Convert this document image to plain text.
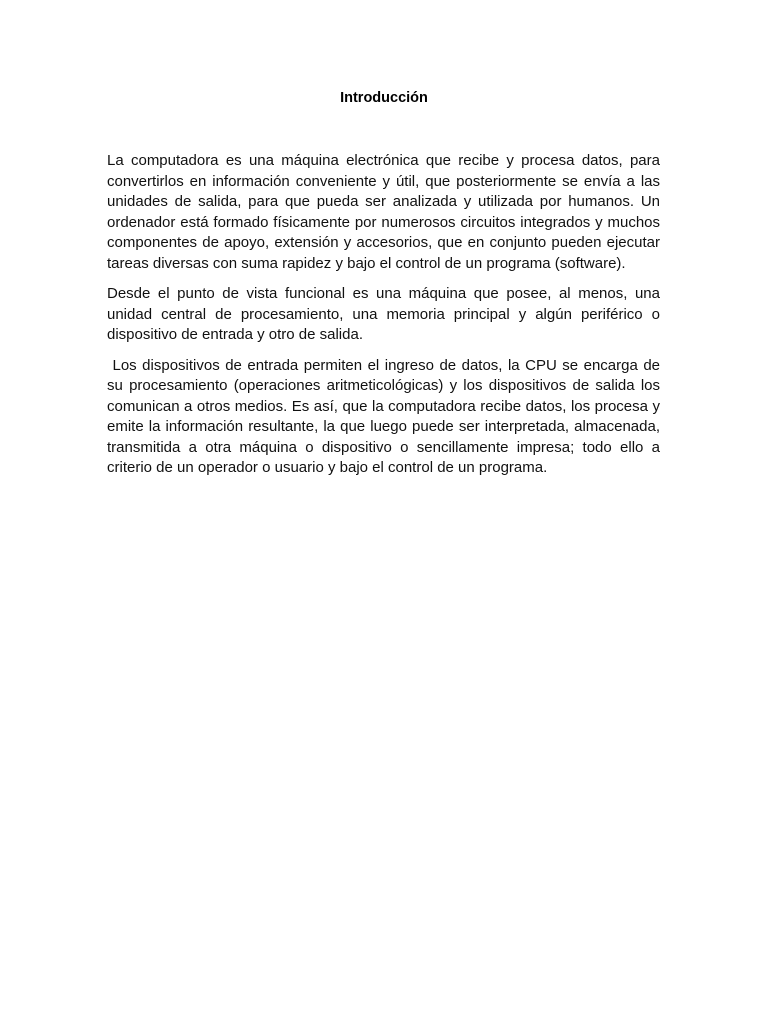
Introducción

La computadora es una máquina electrónica que recibe y procesa datos, para convertirlos en información conveniente y útil, que posteriormente se envía a las unidades de salida, para que pueda ser analizada y utilizada por humanos. Un ordenador está formado físicamente por numerosos circuitos integrados y muchos componentes de apoyo, extensión y accesorios, que en conjunto pueden ejecutar tareas diversas con suma rapidez y bajo el control de un programa (software).

Desde el punto de vista funcional es una máquina que posee, al menos, una unidad central de procesamiento, una memoria principal y algún periférico o dispositivo de entrada y otro de salida.

Los dispositivos de entrada permiten el ingreso de datos, la CPU se encarga de su procesamiento (operaciones aritmeticológicas) y los dispositivos de salida los comunican a otros medios. Es así, que la computadora recibe datos, los procesa y emite la información resultante, la que luego puede ser interpretada, almacenada, transmitida a otra máquina o dispositivo o sencillamente impresa; todo ello a criterio de un operador o usuario y bajo el control de un programa.
